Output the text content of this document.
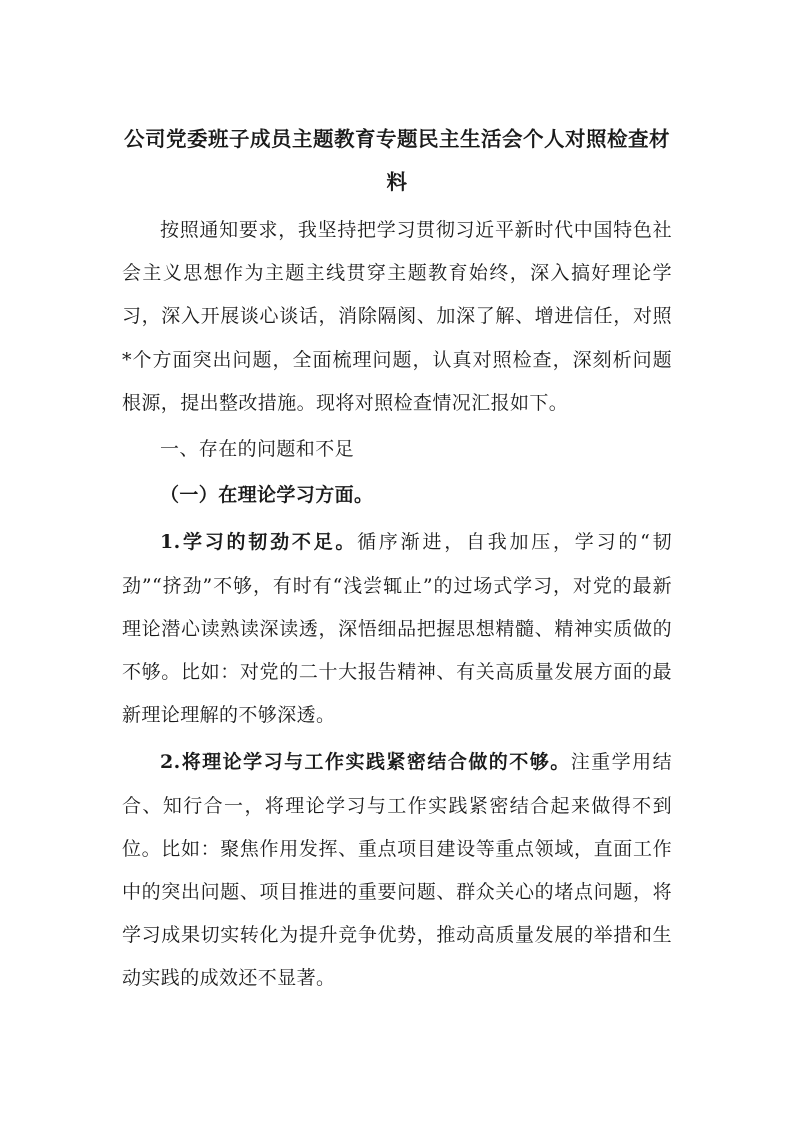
公司党委班子成员主题教育专题民主生活会个人对照检查材料

按照通知要求，我坚持把学习贯彻习近平新时代中国特色社会主义思想作为主题主线贯穿主题教育始终，深入搞好理论学习，深入开展谈心谈话，消除隔阂、加深了解、增进信任，对照*个方面突出问题，全面梳理问题，认真对照检查，深刻析问题根源，提出整改措施。现将对照检查情况汇报如下。

一、存在的问题和不足

（一）在理论学习方面。

1.学习的韧劲不足。循序渐进，自我加压，学习的“韧劲”“挤劲”不够，有时有“浅尝辄止”的过场式学习，对党的最新理论潜心读熟读深读透，深悟细品把握思想精髓、精神实质做的不够。比如：对党的二十大报告精神、有关高质量发展方面的最新理论理解的不够深透。

2.将理论学习与工作实践紧密结合做的不够。注重学用结合、知行合一，将理论学习与工作实践紧密结合起来做得不到位。比如：聚焦作用发挥、重点项目建设等重点领域，直面工作中的突出问题、项目推进的重要问题、群众关心的堵点问题，将学习成果切实转化为提升竞争优势，推动高质量发展的举措和生动实践的成效还不显著。
